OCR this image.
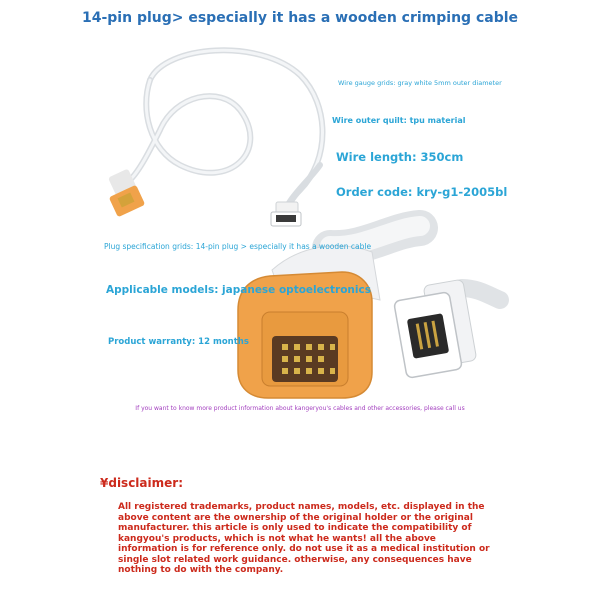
14-pin plug> especially it has a wooden crimping cable
Wire gauge grids: gray white 5mm outer diameter
Wire outer quilt: tpu material
Wire length: 350cm
Order code: kry-g1-2005bl
Plug specification grids: 14-pin plug > especially it has a wooden cable
Applicable models: japanese optoelectronics
Product warranty: 12 months
If you want to know more product information about kangeryou's cables and other accessories, please call us
¥disclaimer:
All registered trademarks, product names, models, etc. displayed in the above content are the ownership of the original holder or the original manufacturer. this article is only used to indicate the compatibility of kangyou's products, which is not what he wants! all the above information is for reference only. do not use it as a medical institution or single slot related work guidance. otherwise, any consequences have nothing to do with the company.
